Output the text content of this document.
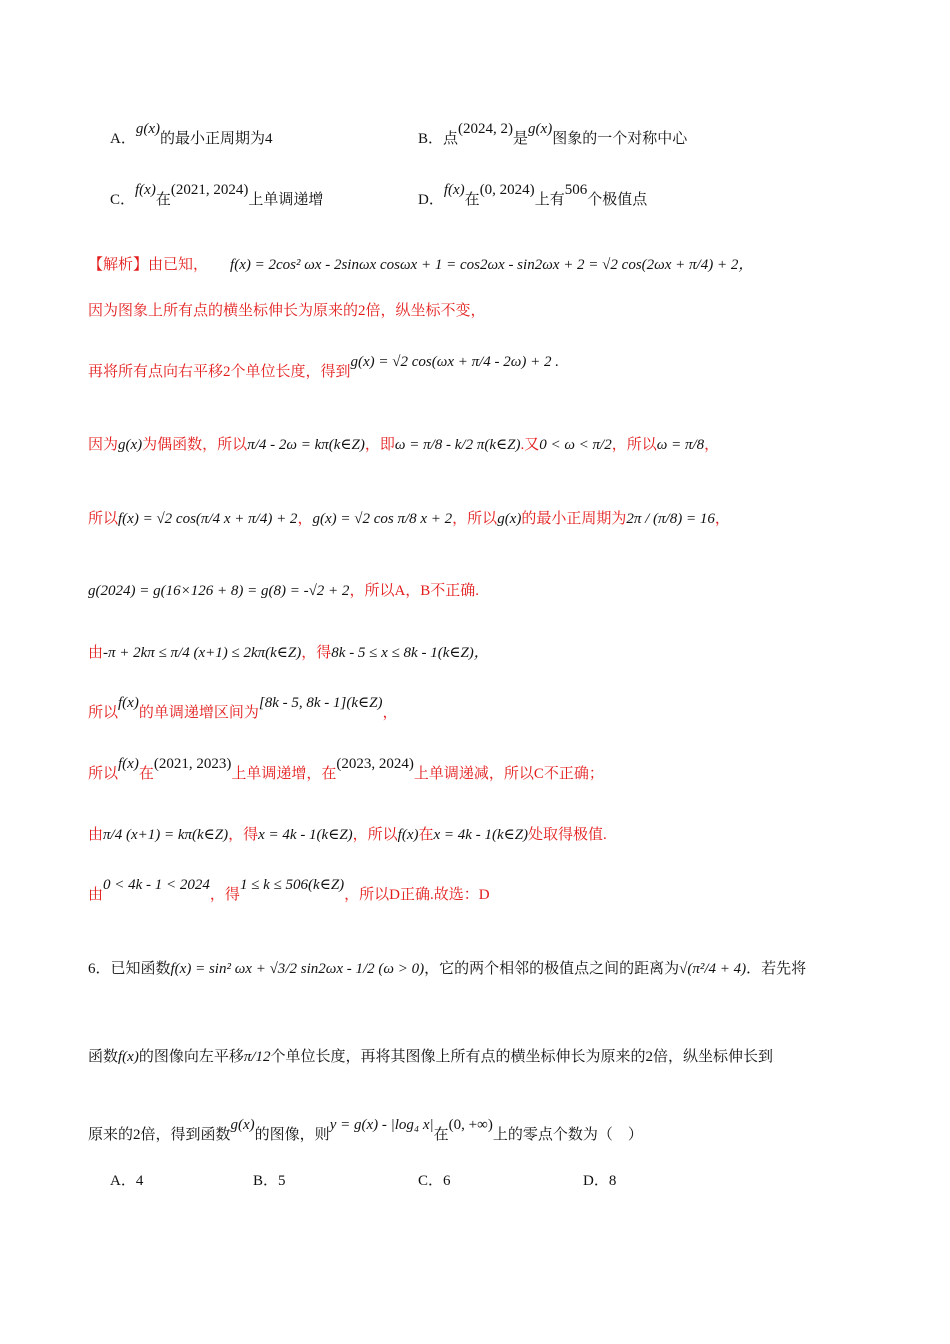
A．g(x)的最小正周期为4	B．点(2024, 2)是g(x)图象的一个对称中心
C．f(x)在(2021, 2024)上单调递增	D．f(x)在(0, 2024)上有506个极值点
【解析】由已知， f(x) = 2cos² ωx - 2sinωx cosωx + 1 = cos2ωx - sin2ωx + 2 = √2 cos(2ωx + π/4) + 2，
因为图象上所有点的横坐标伸长为原来的2倍，纵坐标不变，
再将所有点向右平移2个单位长度，得到g(x) = √2 cos(ωx + π/4 - 2ω) + 2 .
因为g(x)为偶函数，所以π/4 - 2ω = kπ(k∈Z)，即ω = π/8 - k/2 π(k∈Z).又0 < ω < π/2，所以ω = π/8，
所以f(x) = √2 cos(π/4 x + π/4) + 2，g(x) = √2 cos π/8 x + 2，所以g(x)的最小正周期为2π / (π/8) = 16，
g(2024) = g(16×126 + 8) = g(8) = -√2 + 2，所以A，B不正确.
由-π + 2kπ ≤ π/4 (x+1) ≤ 2kπ(k∈Z)，得8k - 5 ≤ x ≤ 8k - 1(k∈Z)，
所以f(x)的单调递增区间为[8k - 5, 8k - 1](k∈Z)，
所以f(x)在(2021, 2023)上单调递增，在(2023, 2024)上单调递减，所以C不正确；
由π/4 (x+1) = kπ(k∈Z)，得x = 4k - 1(k∈Z)，所以f(x)在x = 4k - 1(k∈Z)处取得极值.
由0 < 4k - 1 < 2024，得1 ≤ k ≤ 506(k∈Z)，所以D正确.故选：D
6．已知函数f(x) = sin² ωx + √3/2 sin2ωx - 1/2 (ω > 0)，它的两个相邻的极值点之间的距离为√(π²/4 + 4)．若先将
函数f(x)的图像向左平移π/12个单位长度，再将其图像上所有点的横坐标伸长为原来的2倍，纵坐标伸长到
原来的2倍，得到函数g(x)的图像，则y = g(x) - |log₄ x|在(0, +∞)上的零点个数为（　）
A．4	B．5	C．6	D．8
